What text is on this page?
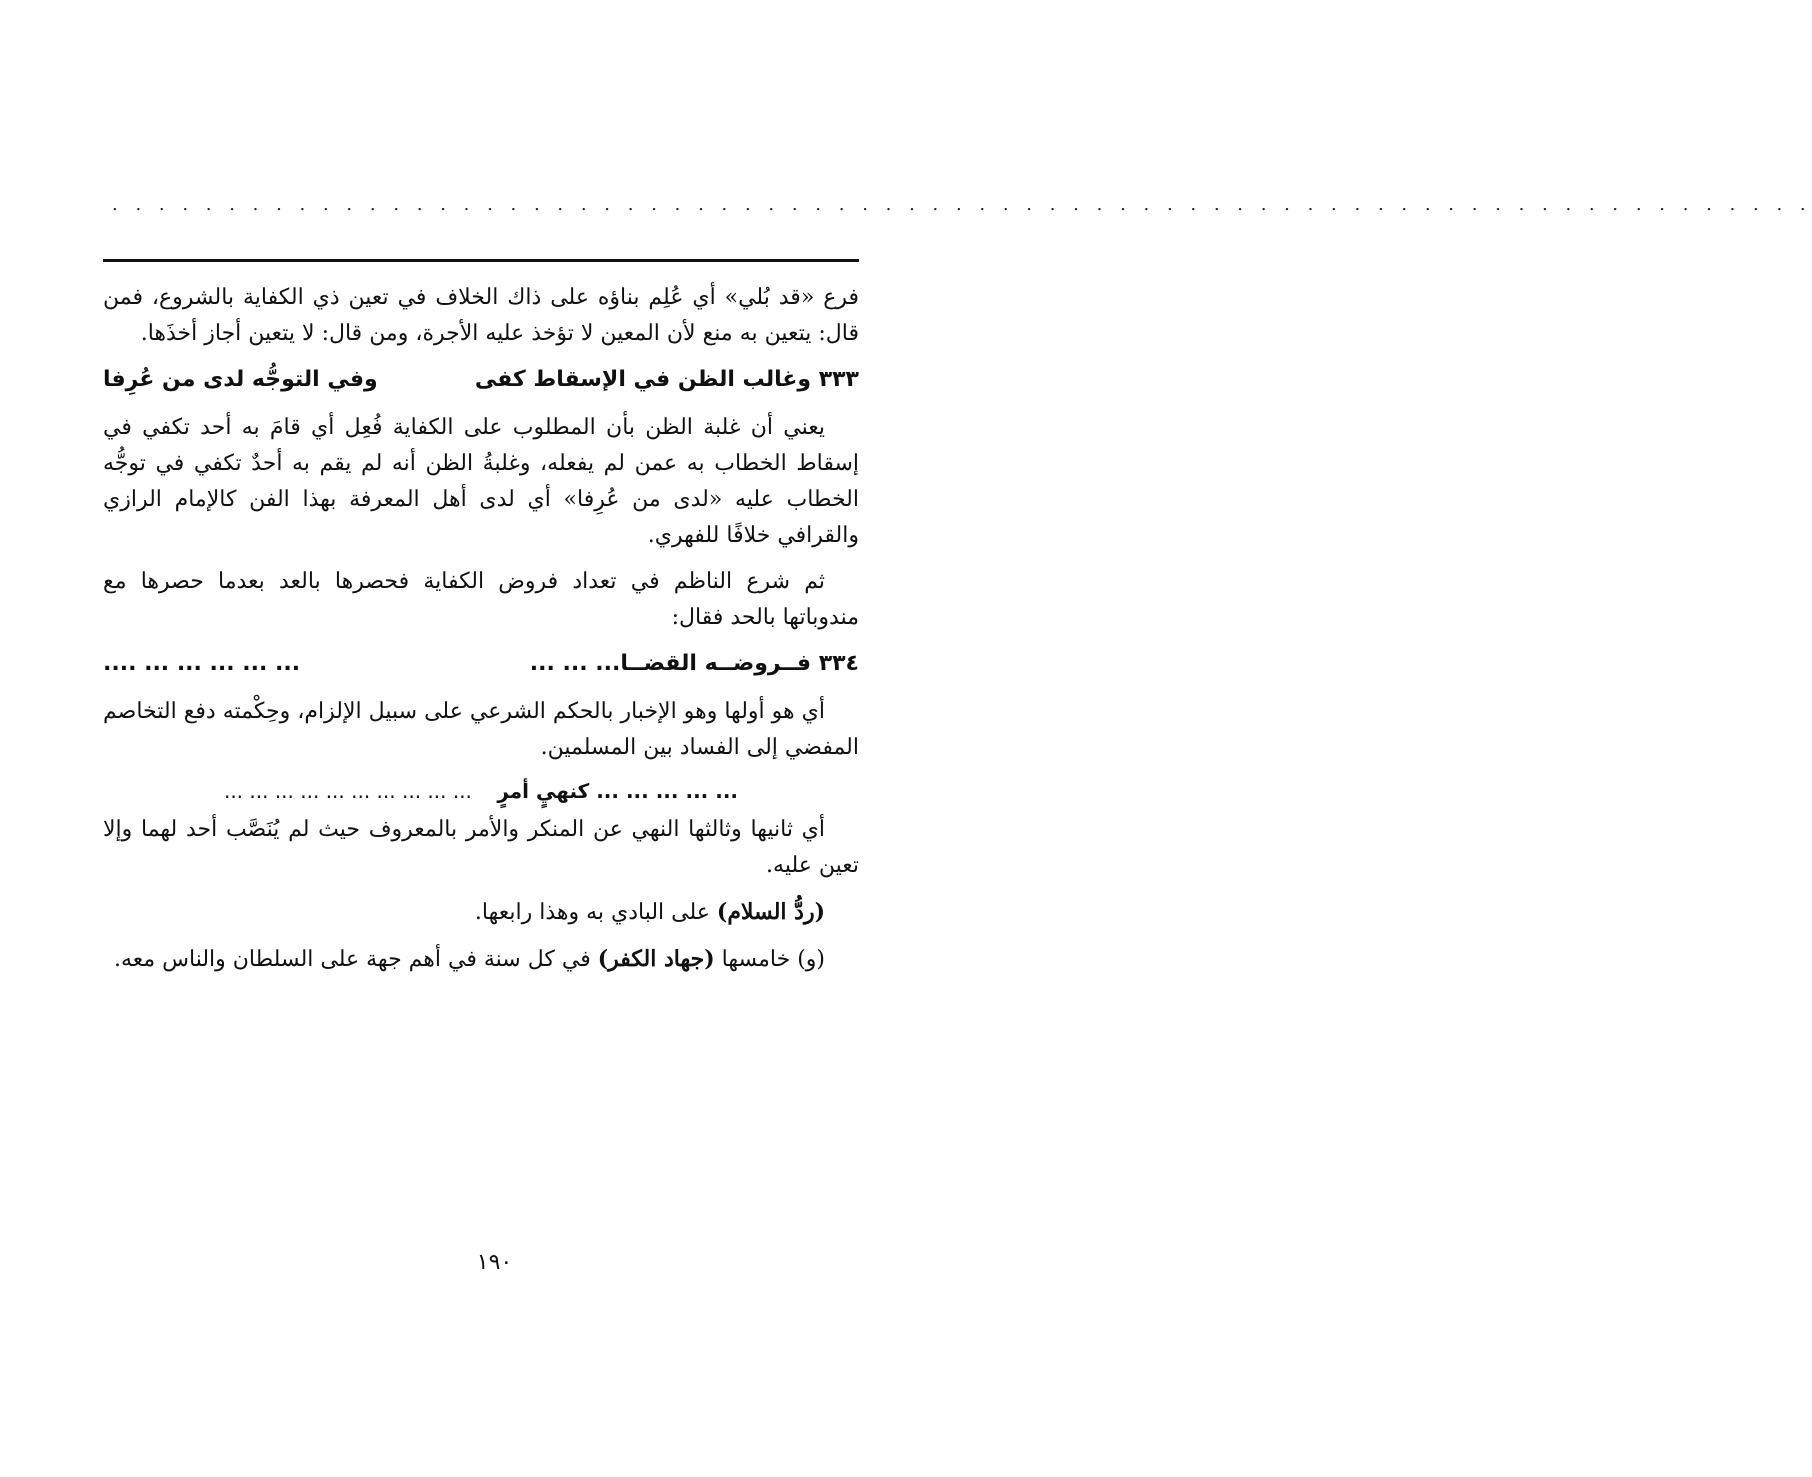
. . . . . . . . . . . . . . . . . . . . . . . . . . . . . . . . . . . . . . . . . . . . . . . . . . . . . . . . . . . . . . . . . . . . . . . . .

فرع «قد بُلي» أي عُلِم بناؤه على ذاك الخلاف في تعين ذي الكفاية بالشروع، فمن قال: يتعين به منع لأن المعين لا تؤخذ عليه الأجرة، ومن قال: لا يتعين أجاز أخذَها.

٣٣٣ وغالب الظن في الإسقاط كفى
وفي التوجُّه لدى من عُرِفا

يعني أن غلبة الظن بأن المطلوب على الكفاية فُعِل أي قامَ به أحد تكفي في إسقاط الخطاب به عمن لم يفعله، وغلبةُ الظن أنه لم يقم به أحدٌ تكفي في توجُّه الخطاب عليه «لدى من عُرِفا» أي لدى أهل المعرفة بهذا الفن كالإمام الرازي والقرافي خلافًا للفهري.

ثم شرع الناظم في تعداد فروض الكفاية فحصرها بالعد بعدما حصرها مع مندوباتها بالحد فقال:

٣٣٤ فــروضــه القضــا... ... ...
... ... ... ... ... ....

أي هو أولها وهو الإخبار بالحكم الشرعي على سبيل الإلزام، وحِكْمته دفع التخاصم المفضي إلى الفساد بين المسلمين.

... ... ... ... ... كنهيٍ أمرٍ    ... ... ... ... ... ... ... ... ... ...

أي ثانيها وثالثها النهي عن المنكر والأمر بالمعروف حيث لم يُنَصَّب أحد لهما وإلا تعين عليه.

(ردُّ السلام) على البادي به وهذا رابعها.

(و) خامسها (جهاد الكفر) في كل سنة في أهم جهة على السلطان والناس معه.

١٩٠
